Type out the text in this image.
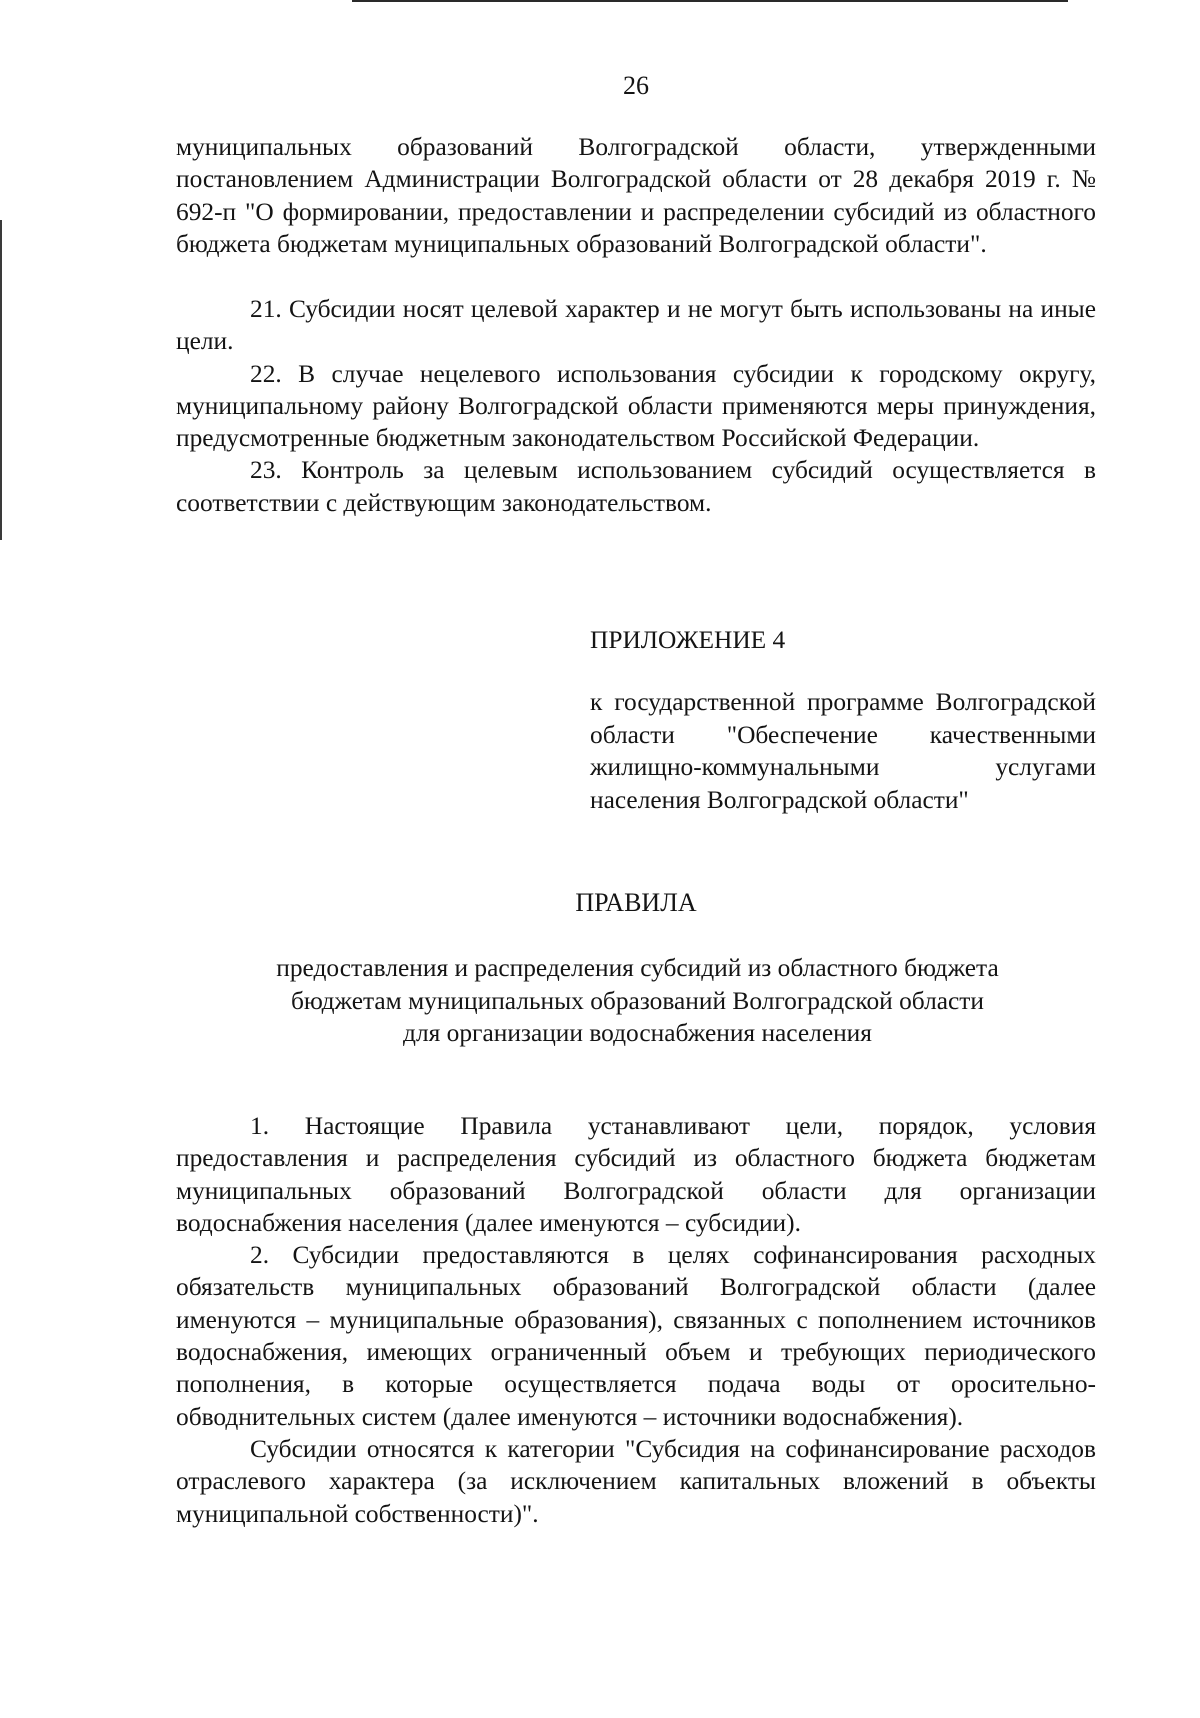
26

муниципальных образований Волгоградской области, утвержденными постановлением Администрации Волгоградской области от 28 декабря 2019 г. № 692-п "О формировании, предоставлении и распределении субсидий из областного бюджета бюджетам муниципальных образований Волгоградской области".

21. Субсидии носят целевой характер и не могут быть использованы на иные цели.

22. В случае нецелевого использования субсидии к городскому округу, муниципальному району Волгоградской области применяются меры принуждения, предусмотренные бюджетным законодательством Российской Федерации.

23. Контроль за целевым использованием субсидий осуществляется в соответствии с действующим законодательством.

ПРИЛОЖЕНИЕ 4
к государственной программе Волгоградской области "Обеспечение качественными жилищно-коммунальными услугами населения Волгоградской области"
ПРАВИЛА
предоставления и распределения субсидий из областного бюджета
бюджетам муниципальных образований Волгоградской области
для организации водоснабжения населения

1. Настоящие Правила устанавливают цели, порядок, условия предоставления и распределения субсидий из областного бюджета бюджетам муниципальных образований Волгоградской области для организации водоснабжения населения (далее именуются – субсидии).

2. Субсидии предоставляются в целях софинансирования расходных обязательств муниципальных образований Волгоградской области (далее именуются – муниципальные образования), связанных с пополнением источников водоснабжения, имеющих ограниченный объем и требующих периодического пополнения, в которые осуществляется подача воды от оросительно-обводнительных систем (далее именуются – источники водоснабжения).

Субсидии относятся к категории "Субсидия на софинансирование расходов отраслевого характера (за исключением капитальных вложений в объекты муниципальной собственности)".
